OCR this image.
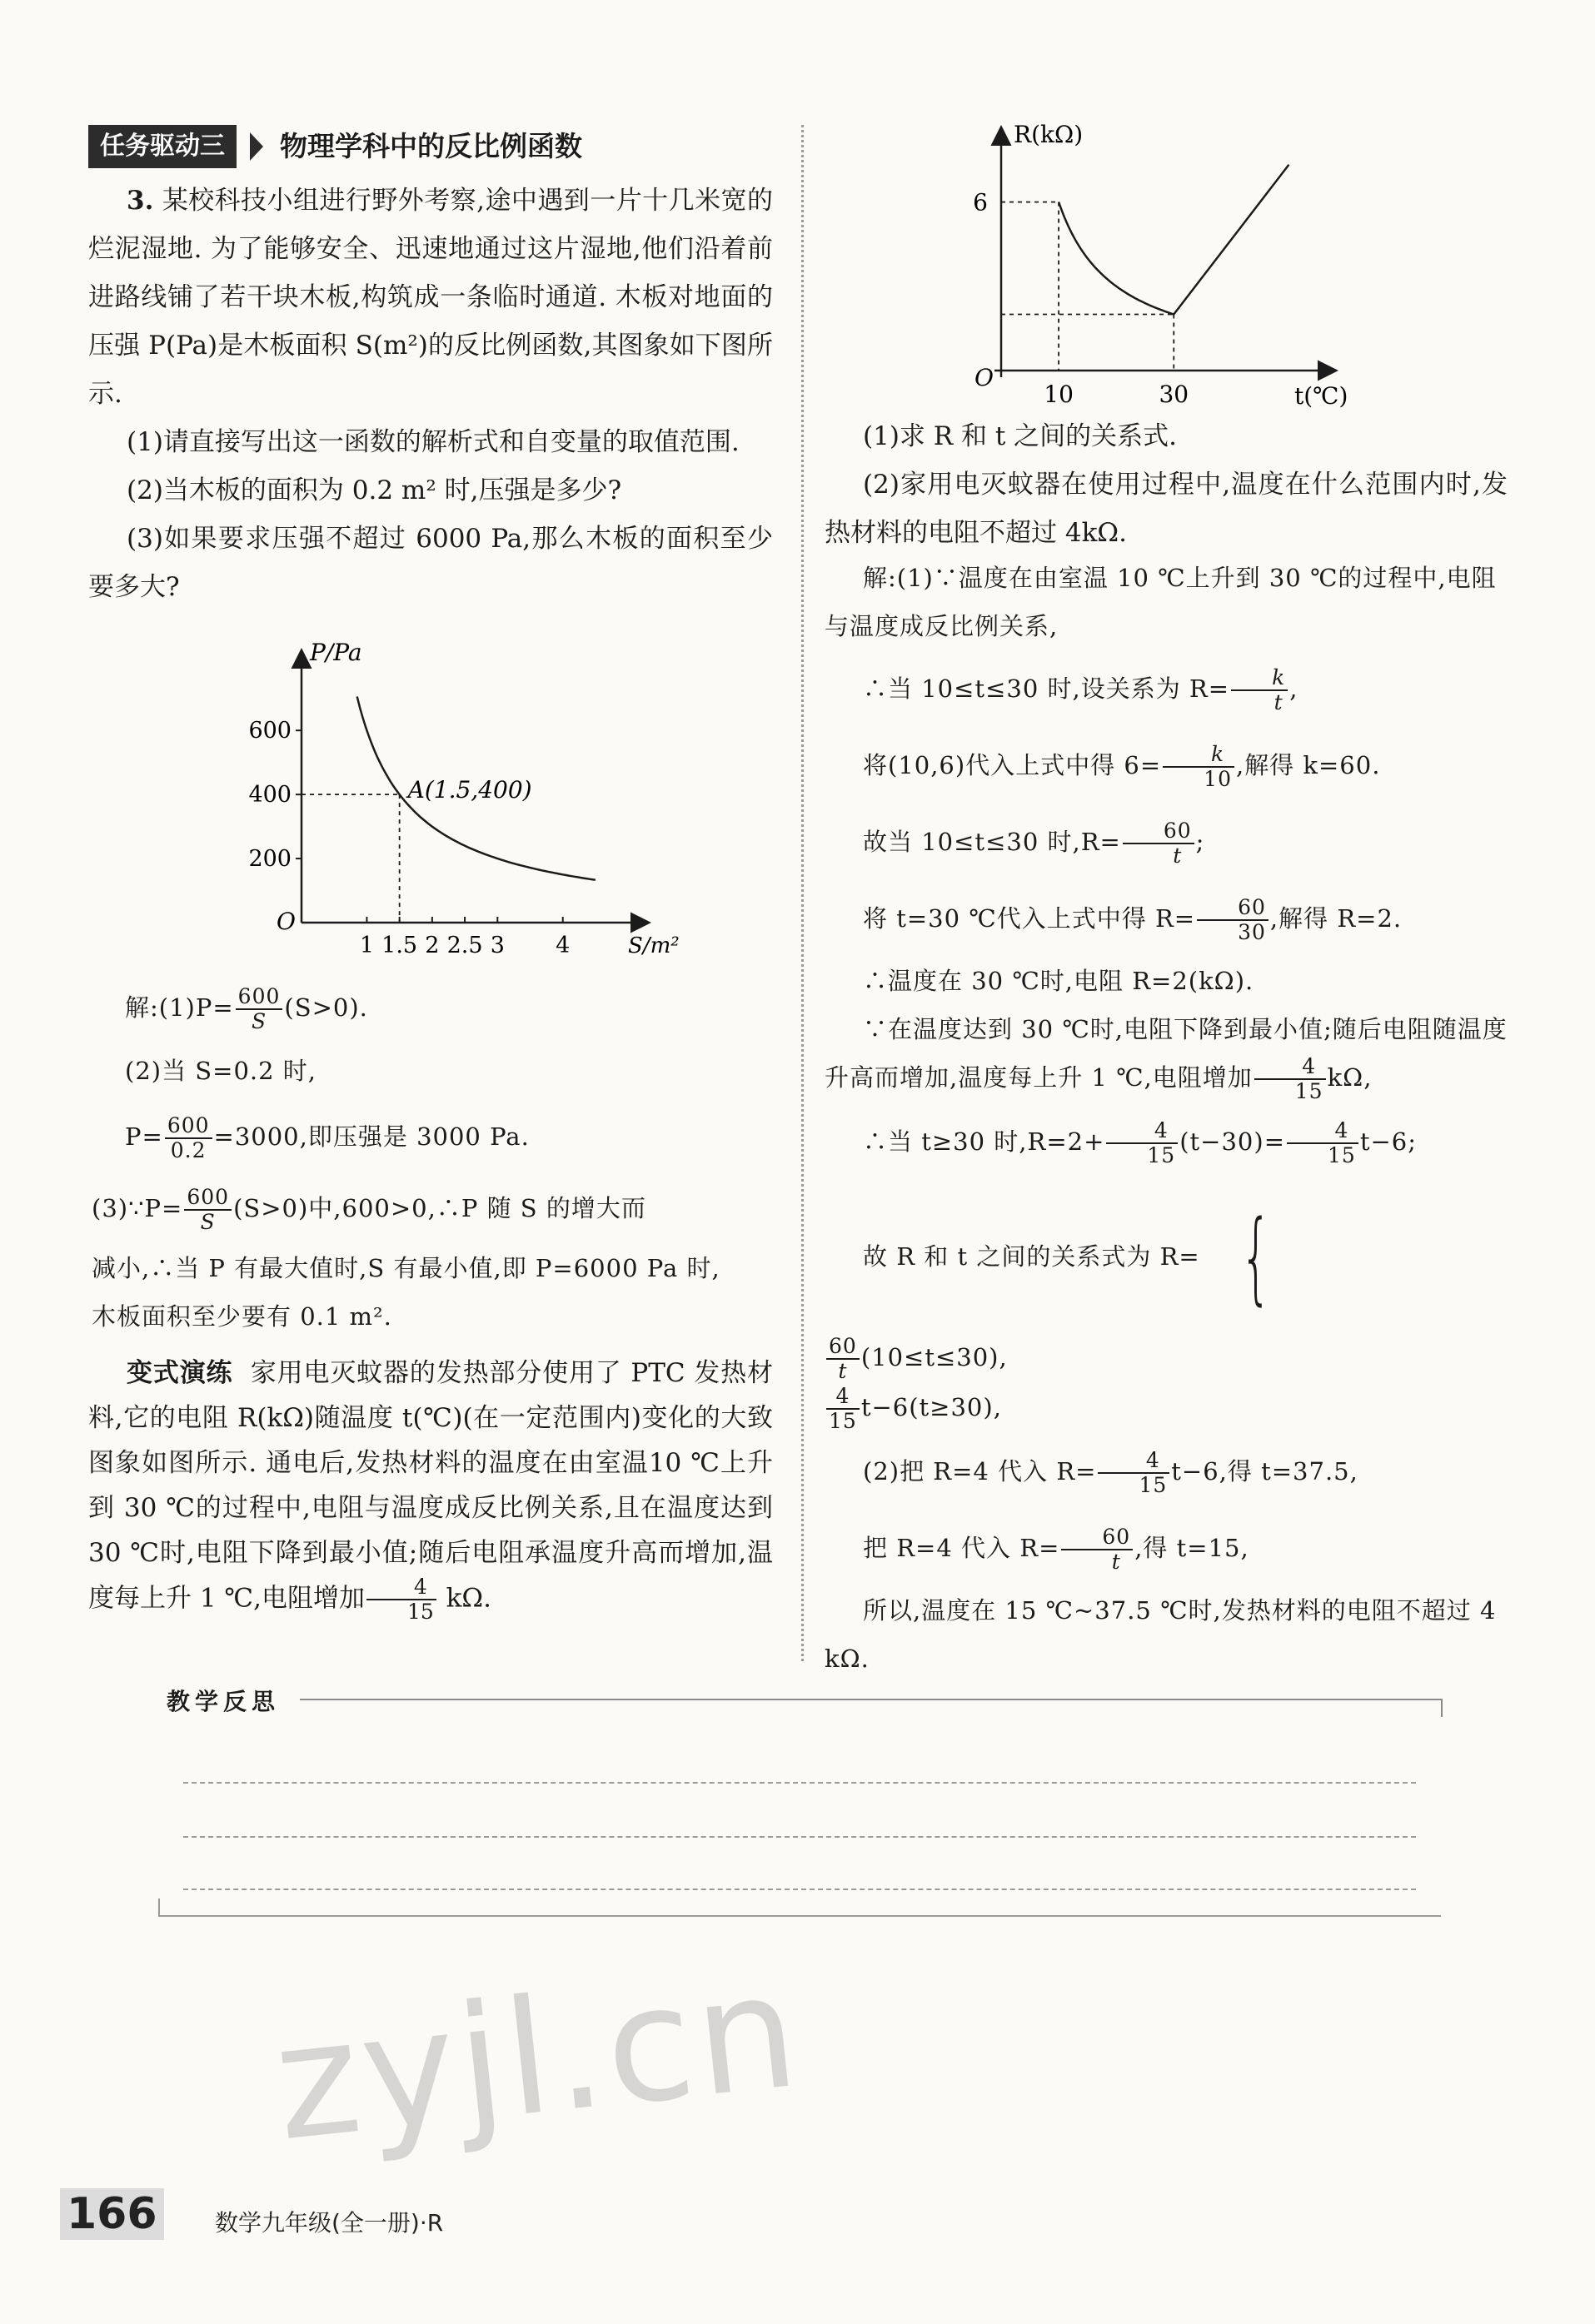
任务驱动三	物理学科中的反比例函数

3. 某校科技小组进行野外考察,途中遇到一片十几米宽的烂泥湿地. 为了能够安全、迅速地通过这片湿地,他们沿着前进路线铺了若干块木板,构筑成一条临时通道. 木板对地面的压强 P(Pa)是木板面积 S(m²)的反比例函数,其图象如下图所示.

(1)请直接写出这一函数的解析式和自变量的取值范围.

(2)当木板的面积为 0.2 m² 时,压强是多少?

(3)如果要求压强不超过 6000 Pa,那么木板的面积至少要多大?

P/Pa
S/m²
O
200
400
600
1 1.5 2 2.5 3 4
A(1.5,400)

解:(1)P= $\frac{600}{S} (S>0)$.

(2)当 S=0.2 时,

$P= \frac{600}{0.2} =3000$,即压强是 3000 Pa.

(3)∵P= $\frac{600}{S} (S>0)$中,600>0,∴P 随 S 的增大而

减小,∴当 P 有最大值时,S 有最小值,即 P=6000 Pa 时,

木板面积至少要有 0.1 m².

变式演练 家用电灭蚊器的发热部分使用了 PTC 发热材料,它的电阻 R(kΩ)随温度 t(℃)(在一定范围内)变化的大致图象如图所示. 通电后,发热材料的温度在由室温10 ℃上升到 30 ℃的过程中,电阻与温度成反比例关系,且在温度达到 30 ℃时,电阻下降到最小值;随后电阻承温度升高而增加,温度每上升 1 ℃,电阻增加 $\frac{4}{15} k\Omega$.

R(kΩ)
t(℃)
O
6
10	30

(1)求 R 和 t 之间的关系式.

(2)家用电灭蚊器在使用过程中,温度在什么范围内时,发热材料的电阻不超过 4kΩ.

解:(1)∵温度在由室温 10 ℃上升到 30 ℃的过程中,电阻与温度成反比例关系,

∴当 10≤t≤30 时,设关系为 $R= \frac{k}{t}$ ,

将(10,6)代入上式中得 $6= \frac{k}{10}$ ,解得 k=60.

故当 10≤t≤30 时$,R= \frac{60}{t}$ ;

将 t=30 ℃代入上式中得 $R= \frac{60}{30}$ ,解得 R=2.

∴温度在 30 ℃时,电阻 R=2(kΩ).

∵在温度达到 30 ℃时,电阻下降到最小值;随后电阻随温度升高而增加,温度每上升 1 ℃,电阻增加 $\frac{4}{15} k\Omega$,

∴当 t≥30 时$,R=2+ \frac{4}{15} (t-30)= \frac{4}{15} t-6$;

故 R 和 t 之间的关系式为 R= {

$\frac{60}{t} (10\le t\le 30)$,
$\frac{4}{15} t-6(t\ge 30)$,

(2)把 R=4 代入 $R= \frac{4}{15} t-6$,得 t=37.5,

把 R=4 代入 $R= \frac{60}{t}$ ,得 t=15,

所以,温度在 15 ℃~37.5 ℃时,发热材料的电阻不超过 4 kΩ.

教学反思
zyjl.cn
166 数学九年级(全一册)·R
